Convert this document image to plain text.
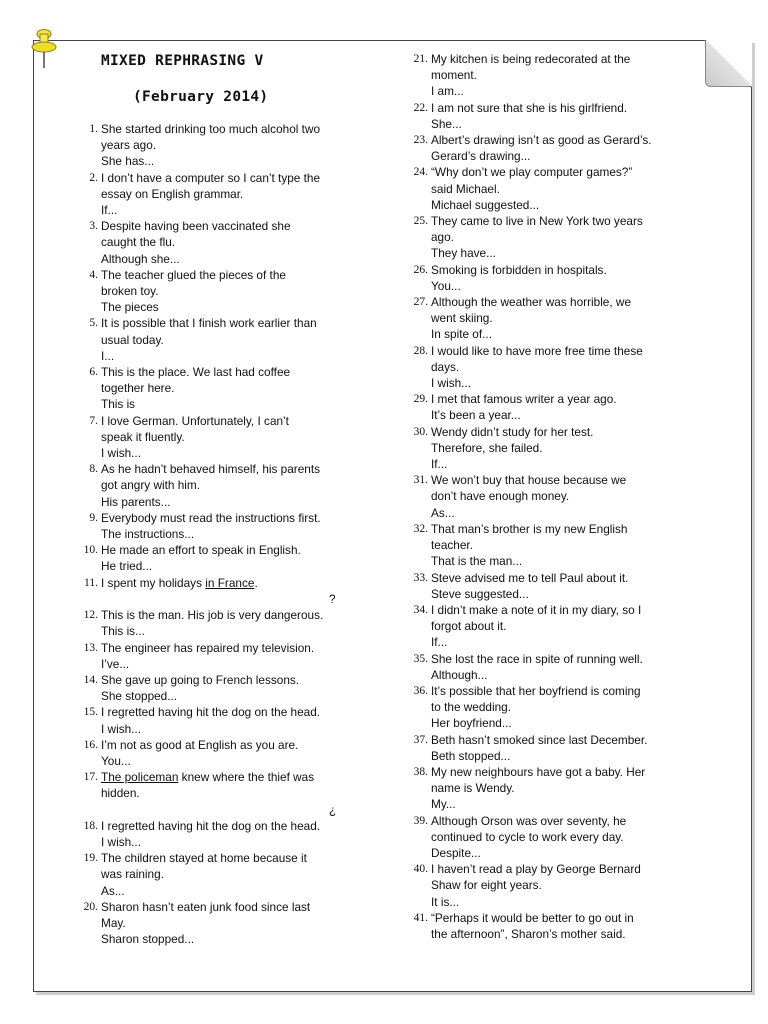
MIXED REPHRASING V
(February 2014)
1. She started drinking too much alcohol two
years ago.
She has...
2. I don’t have a computer so I can’t type the
essay on English grammar.
If...
3. Despite having been vaccinated she
caught the flu.
Although she...
4. The teacher glued the pieces of the
broken toy.
The pieces
5. It is possible that I finish work earlier than
usual today.
I...
6. This is the place. We last had coffee
together here.
This is
7. I love German. Unfortunately, I can’t
speak it fluently.
I wish...
8. As he hadn’t behaved himself, his parents
got angry with him.
His parents...
9. Everybody must read the instructions first.
The instructions...
10. He made an effort to speak in English.
He tried...
11. I spent my holidays in France.
?
12. This is the man. His job is very dangerous.
This is...
13. The engineer has repaired my television.
I’ve...
14. She gave up going to French lessons.
She stopped...
15. I regretted having hit the dog on the head.
I wish...
16. I’m not as good at English as you are.
You...
17. The policeman knew where the thief was
hidden.
¿
18. I regretted having hit the dog on the head.
I wish...
19. The children stayed at home because it
was raining.
As...
20. Sharon hasn’t eaten junk food since last
May.
Sharon stopped...
21. My kitchen is being redecorated at the
moment.
I am...
22. I am not sure that she is his girlfriend.
She...
23. Albert’s drawing isn’t as good as Gerard’s.
Gerard’s drawing...
24. “Why don’t we play computer games?”
said Michael.
Michael suggested...
25. They came to live in New York two years
ago.
They have...
26. Smoking is forbidden in hospitals.
You...
27. Although the weather was horrible, we
went skiing.
In spite of...
28. I would like to have more free time these
days.
I wish...
29. I met that famous writer a year ago.
It’s been a year...
30. Wendy didn’t study for her test.
Therefore, she failed.
If...
31. We won’t buy that house because we
don’t have enough money.
As...
32. That man’s brother is my new English
teacher.
That is the man...
33. Steve advised me to tell Paul about it.
Steve suggested...
34. I didn’t make a note of it in my diary, so I
forgot about it.
If...
35. She lost the race in spite of running well.
Although...
36. It’s possible that her boyfriend is coming
to the wedding.
Her boyfriend...
37. Beth hasn’t smoked since last December.
Beth stopped...
38. My new neighbours have got a baby. Her
name is Wendy.
My...
39. Although Orson was over seventy, he
continued to cycle to work every day.
Despite...
40. I haven’t read a play by George Bernard
Shaw for eight years.
It is...
41. “Perhaps it would be better to go out in
the afternoon”, Sharon’s mother said.
